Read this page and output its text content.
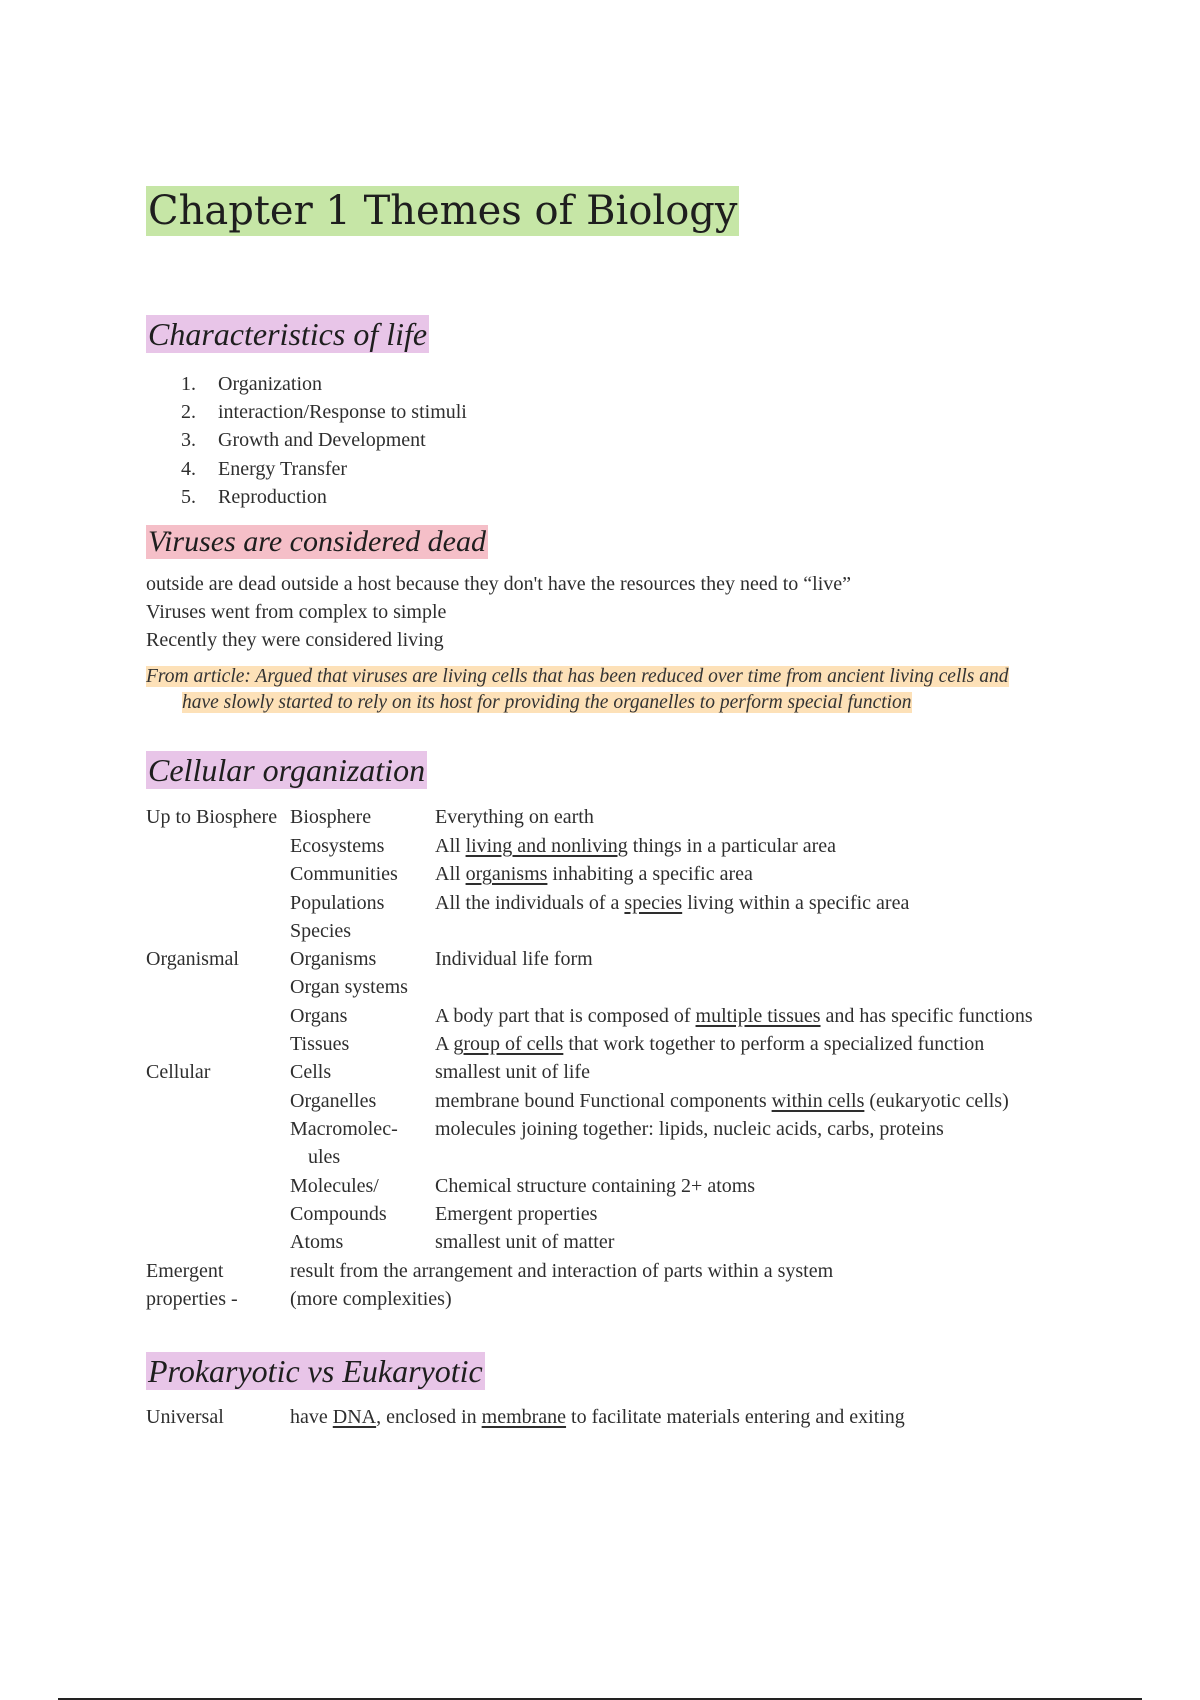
Chapter 1 Themes of Biology
Characteristics of life
1. Organization
2. interaction/Response to stimuli
3. Growth and Development
4. Energy Transfer
5. Reproduction
Viruses are considered dead
outside are dead outside a host because they don't have the resources they need to “live”
Viruses went from complex to simple
Recently they were considered living
From article: Argued that viruses are living cells that has been reduced over time from ancient living cells and
have slowly started to rely on its host for providing the organelles to perform special function
Cellular organization
Up to Biosphere
Organismal
Cellular
Emergent
properties -
Biosphere
Ecosystems
Communities
Populations
Species
Organisms
Organ systems
Organs
Tissues
Cells
Organelles
Macromolec-
ules
Molecules/
Compounds
Atoms
result from the arrangement and interaction of parts within a system
(more complexities)
Everything on earth
All living and nonliving things in a particular area
All organisms inhabiting a specific area
All the individuals of a species living within a specific area
Individual life form
A body part that is composed of multiple tissues and has specific functions
A group of cells that work together to perform a specialized function
smallest unit of life
membrane bound Functional components within cells (eukaryotic cells)
molecules joining together: lipids, nucleic acids, carbs, proteins
Chemical structure containing 2+ atoms
Emergent properties
smallest unit of matter
Prokaryotic vs Eukaryotic
Universal	have DNA, enclosed in membrane to facilitate materials entering and exiting
